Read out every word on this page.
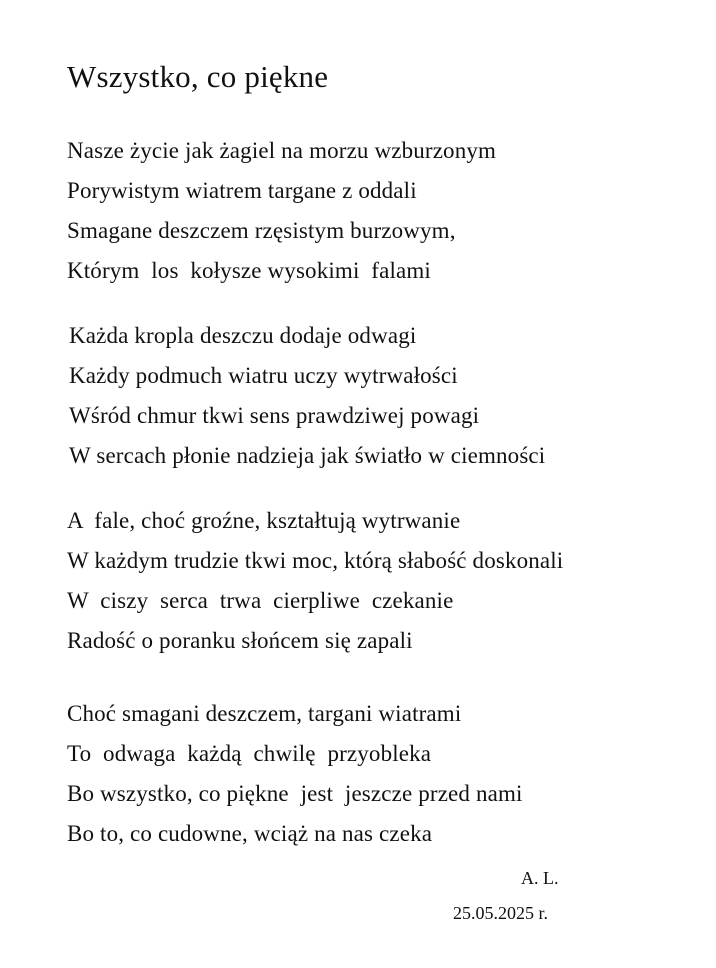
Wszystko, co piękne
Nasze życie jak żagiel na morzu wzburzonym
Porywistym wiatrem targane z oddali
Smagane deszczem rzęsistym burzowym,
Którym  los  kołysze wysokimi  falami
Każda kropla deszczu dodaje odwagi
Każdy podmuch wiatru uczy wytrwałości
Wśród chmur tkwi sens prawdziwej powagi
W sercach płonie nadzieja jak światło w ciemności
A  fale, choć groźne, kształtują wytrwanie
W każdym trudzie tkwi moc, którą słabość doskonali
W  ciszy  serca  trwa  cierpliwe  czekanie
Radość o poranku słońcem się zapali
Choć smagani deszczem, targani wiatrami
To  odwaga  każdą  chwilę  przyobleka
Bo wszystko, co piękne  jest  jeszcze przed nami
Bo to, co cudowne, wciąż na nas czeka
A. L.
25.05.2025 r.
